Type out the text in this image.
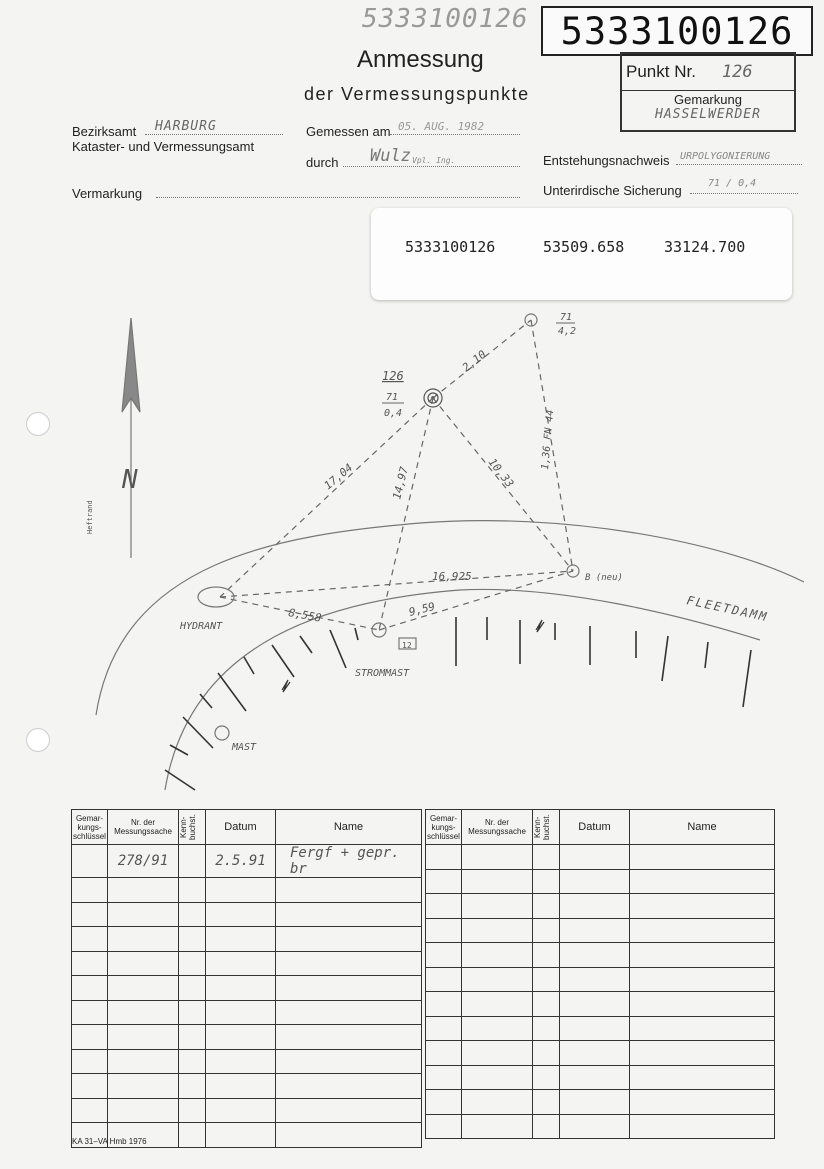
5333100126 5333100126
Anmessung
der Vermessungspunkte
Punkt Nr. 126
Gemarkung
HASSELWERDER
Bezirksamt HARBURG
Kataster- und Vermessungsamt
Gemessen am 05. AUG. 1982
durch Wulz Vpl. Ing.	Entstehungsnachweis URPOLYGONIERUNG
Vermarkung	Unterirdische Sicherung	71 / 0,4
5333100126	53509.658	33124.700
N
Heftrand
126
71
0,4
71
4,2
2,10
17,04	14,97	10,33
1,36 FN 44
16,925
8,558	9,59
B (neu)
HYDRANT
STROMMAST
MAST
FLEETDAMM
12
Gemar-kungs-schlüssel	Nr. der Messungssache	Kenn-buchst.	Datum	Name
	278/91		2.5.91	Fergf + gepr. br

Gemar-kungs-schlüssel	Nr. der Messungssache	Kenn-buchst.	Datum	Name

KA 31–VA Hmb 1976
